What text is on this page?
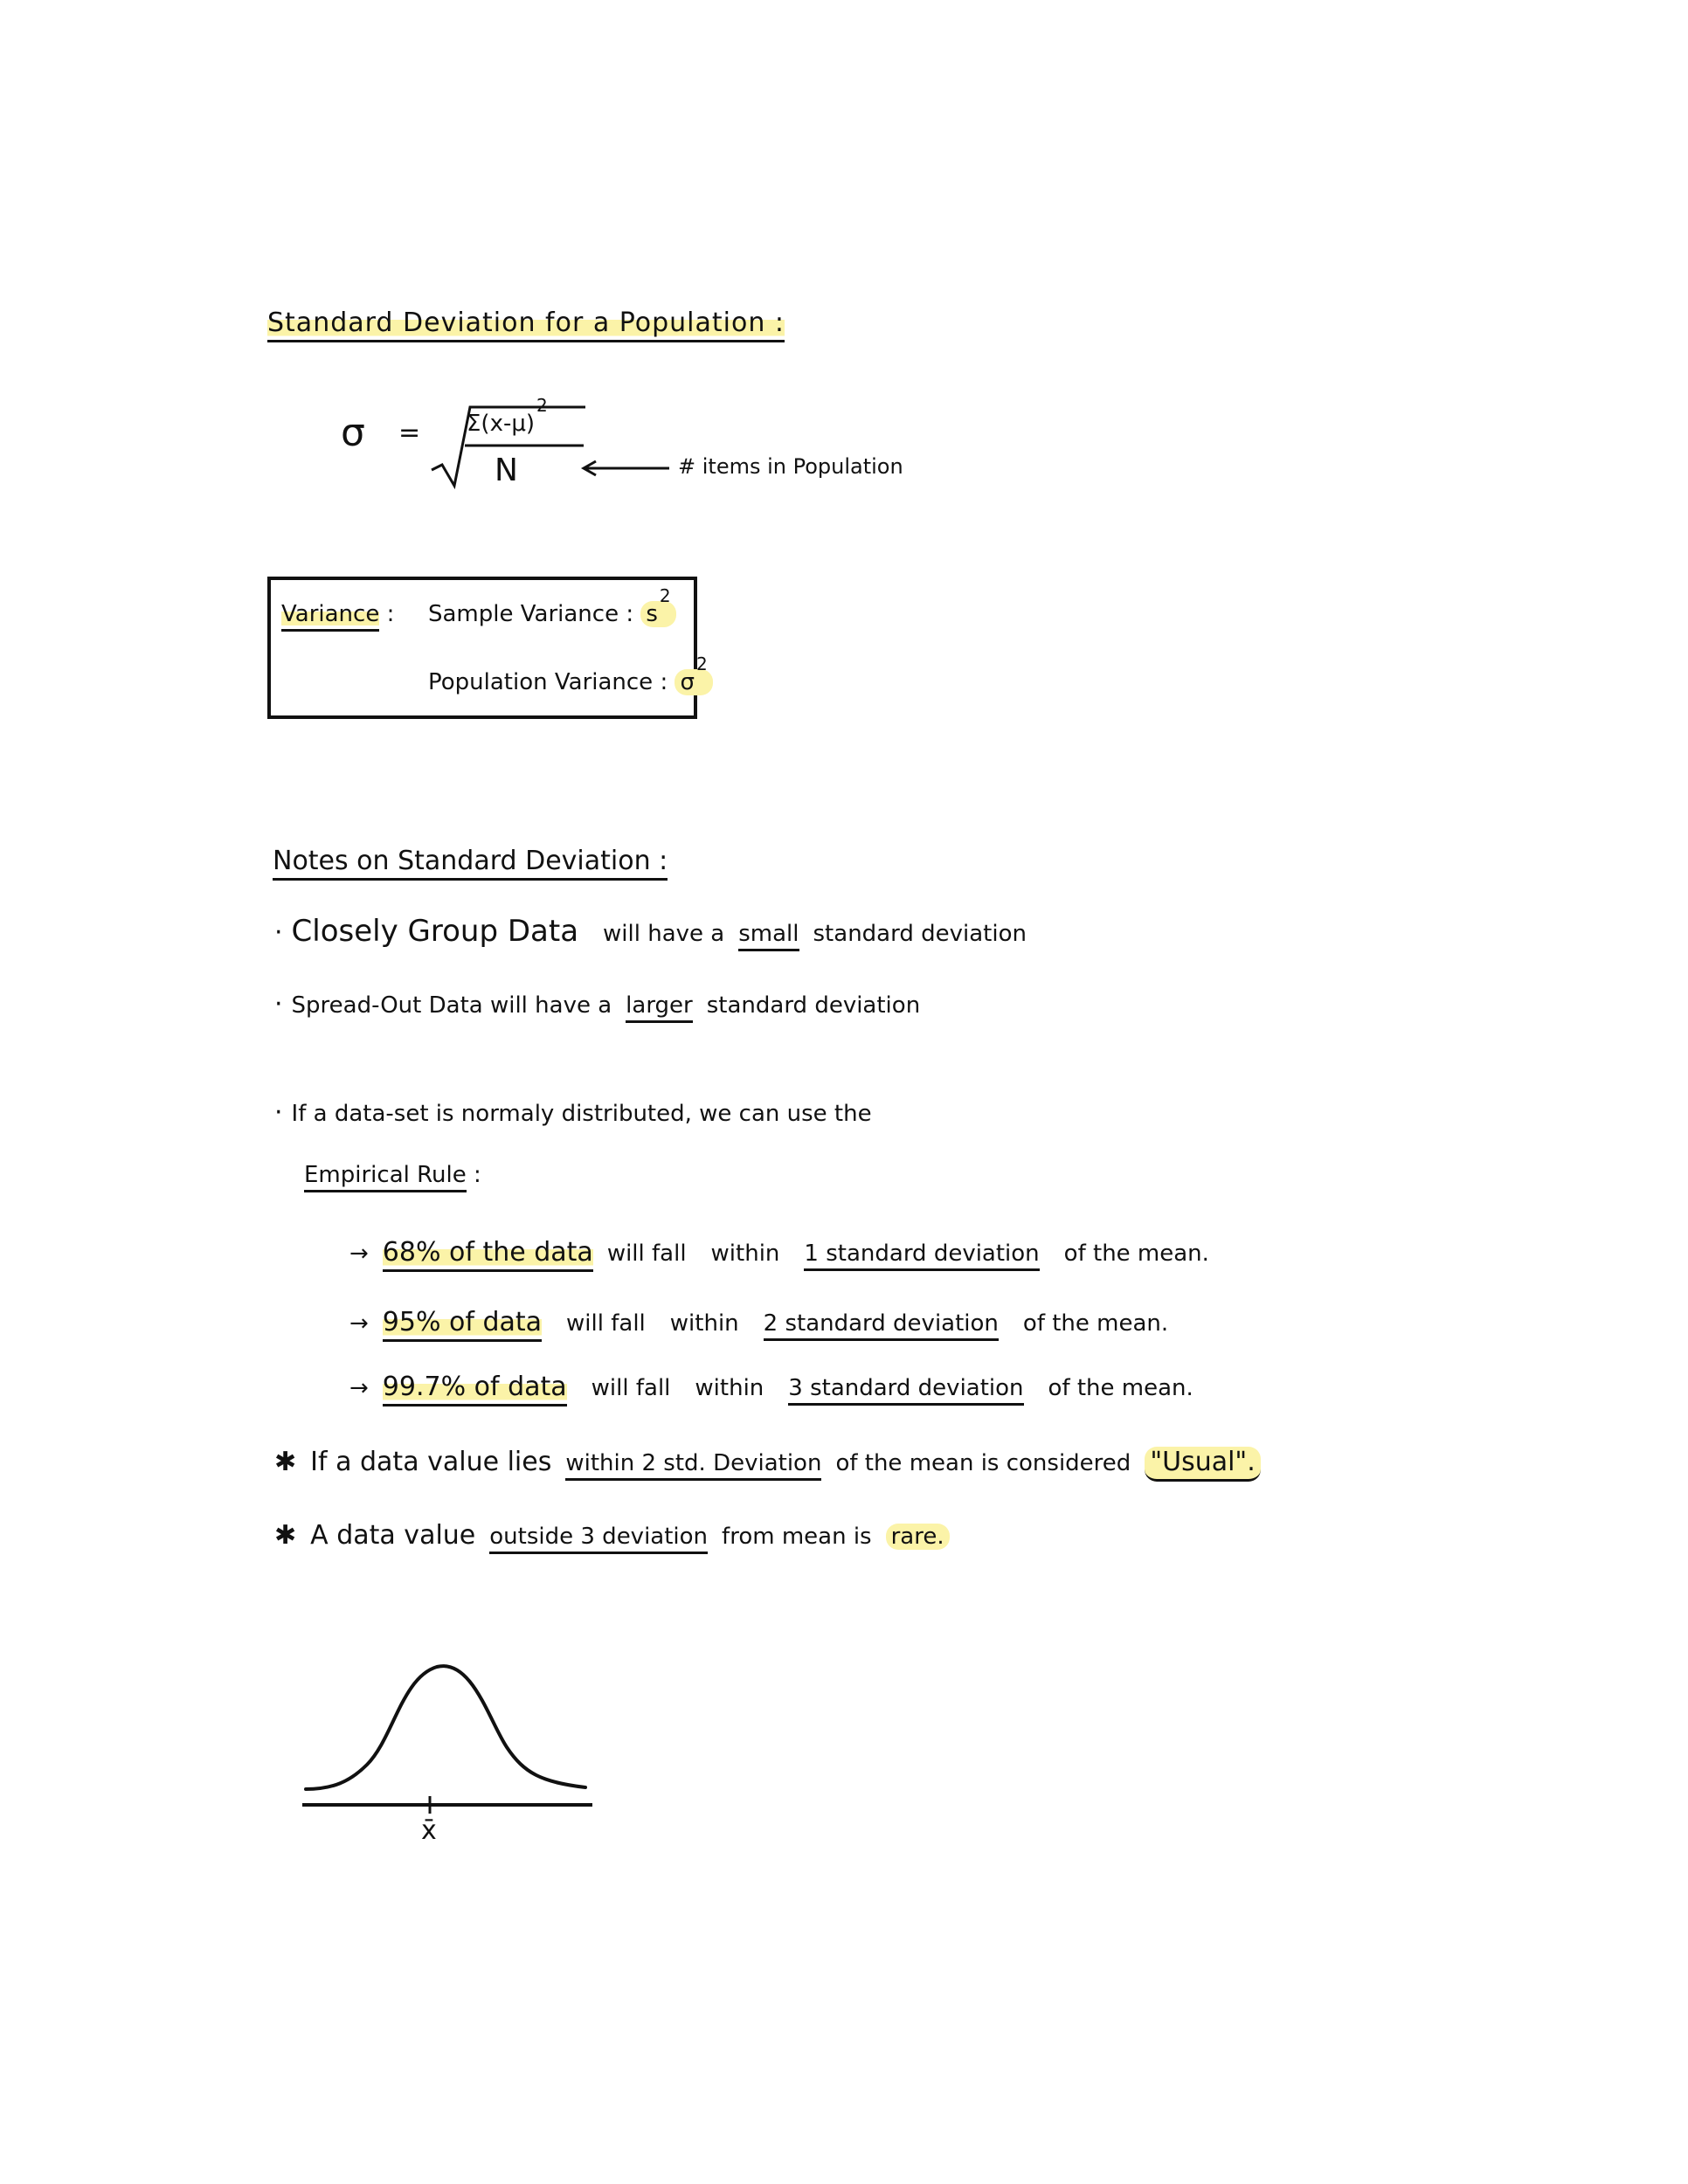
Standard Deviation for a Population :
$\sigma = \Sigma(x-\mu)^2$
N	# items in Population
Variance : Sample Variance : $s^2$
Population Variance : $\sigma^2$
Notes on Standard Deviation :
· Closely Group Data will have a small standard deviation
· Spread-Out Data will have a larger standard deviation
· If a data-set is normaly distributed, we can use the
Empirical Rule :
→ 68% of the data will fall within 1 standard deviation of the mean.
→ 95% of data will fall within 2 standard deviation of the mean.
→ 99.7% of data will fall within 3 standard deviation of the mean.
✱ If a data value lies within 2 std. Deviation of the mean is considered "Usual".
✱ A data value outside 3 deviation from mean is rare.
x̄
